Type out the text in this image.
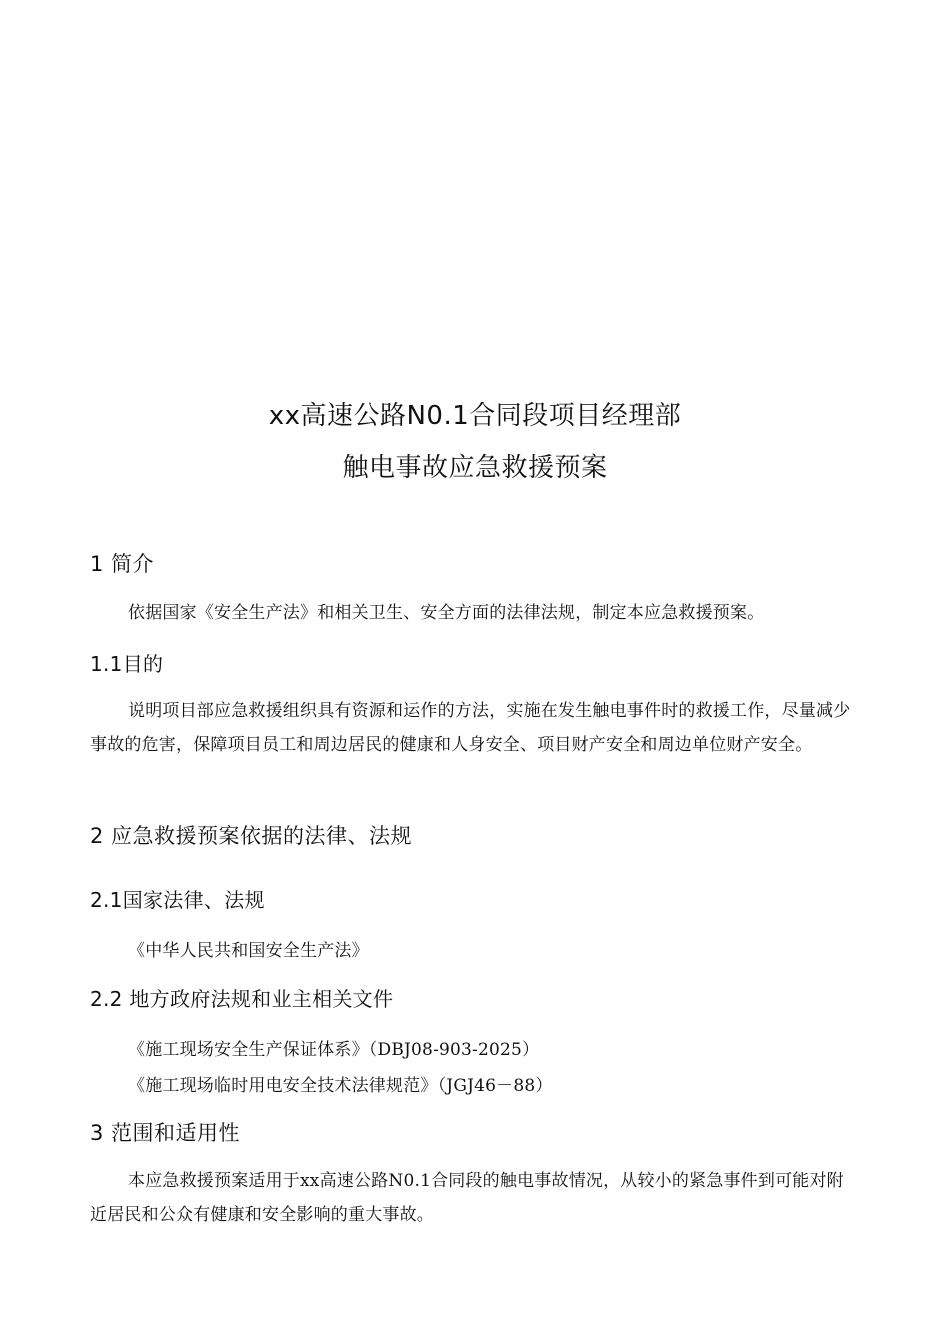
xx高速公路N0.1合同段项目经理部
触电事故应急救援预案
1 简介
依据国家《安全生产法》和相关卫生、安全方面的法律法规，制定本应急救援预案。
1.1目的
说明项目部应急救援组织具有资源和运作的方法，实施在发生触电事件时的救援工作，尽量减少事故的危害，保障项目员工和周边居民的健康和人身安全、项目财产安全和周边单位财产安全。
2 应急救援预案依据的法律、法规
2.1国家法律、法规
《中华人民共和国安全生产法》
2.2 地方政府法规和业主相关文件
《施工现场安全生产保证体系》（DBJ08-903-2025）
《施工现场临时用电安全技术法律规范》（JGJ46－88）
3 范围和适用性
本应急救援预案适用于xx高速公路N0.1合同段的触电事故情况，从较小的紧急事件到可能对附近居民和公众有健康和安全影响的重大事故。
